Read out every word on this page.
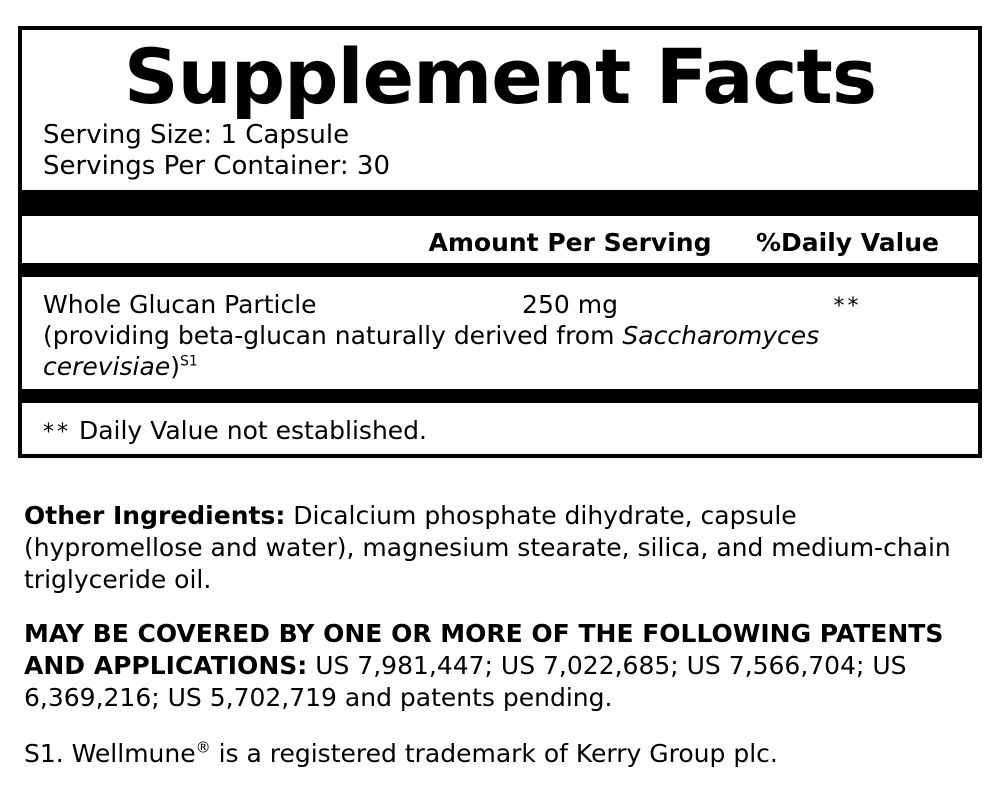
Supplement Facts
Serving Size: 1 Capsule
Servings Per Container: 30
Amount Per Serving	%Daily Value
Whole Glucan Particle	250 mg	**
(providing beta-glucan naturally derived from Saccharomyces cerevisiae)$^{S1}$
** Daily Value not established.

Other Ingredients: Dicalcium phosphate dihydrate, capsule (hypromellose and water), magnesium stearate, silica, and medium-chain triglyceride oil.

MAY BE COVERED BY ONE OR MORE OF THE FOLLOWING PATENTS AND APPLICATIONS: US 7,981,447; US 7,022,685; US 7,566,704; US 6,369,216; US 5,702,719 and patents pending.

S1. Wellmune® is a registered trademark of Kerry Group plc.
